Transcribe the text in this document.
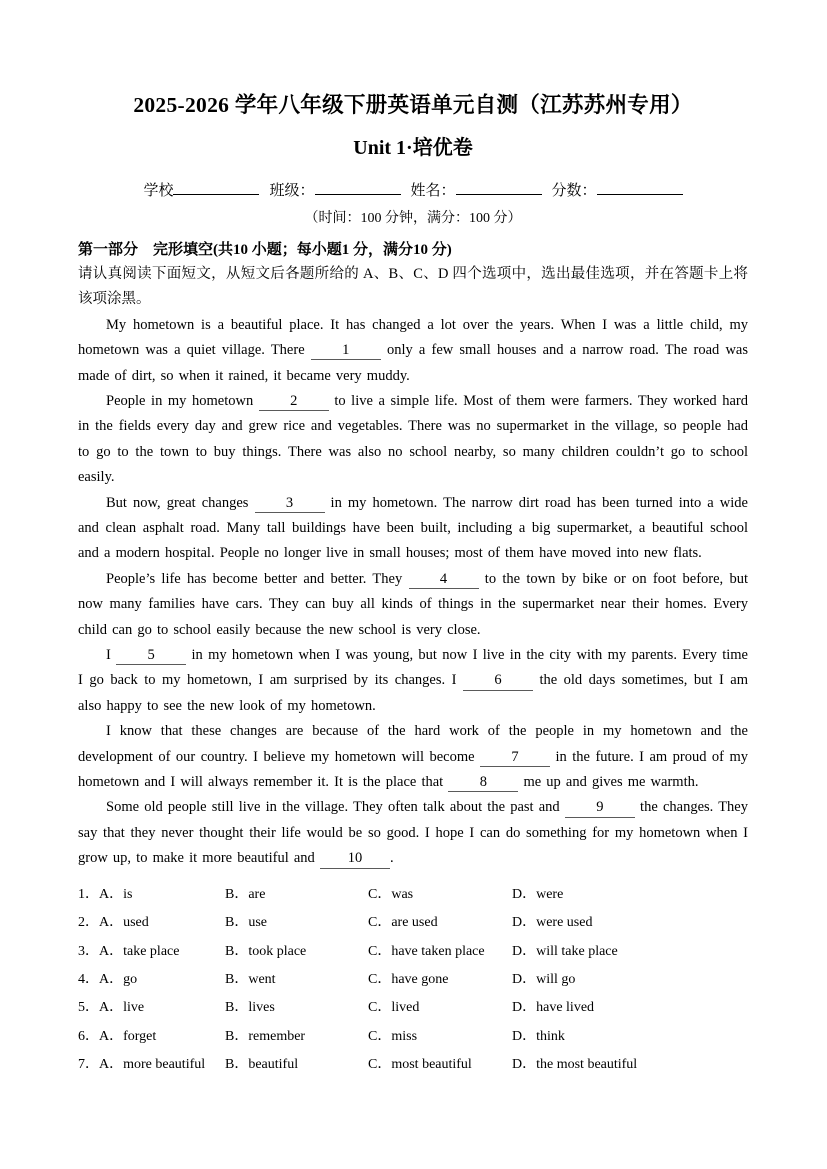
2025-2026 学年八年级下册英语单元自测（江苏苏州专用）
Unit 1·培优卷
学校	班级：	姓名：	分数：
（时间：100 分钟，满分：100 分）
第一部分　完形填空(共10 小题；每小题1 分，满分10 分)
请认真阅读下面短文，从短文后各题所给的 A、B、C、D 四个选项中，选出最佳选项，并在答题卡上将该项涂黑。

My hometown is a beautiful place. It has changed a lot over the years. When I was a little child, my hometown was a quiet village. There 1 only a few small houses and a narrow road. The road was made of dirt, so when it rained, it became very muddy.

People in my hometown 2 to live a simple life. Most of them were farmers. They worked hard in the fields every day and grew rice and vegetables. There was no supermarket in the village, so people had to go to the town to buy things. There was also no school nearby, so many children couldn’t go to school easily.

But now, great changes 3 in my hometown. The narrow dirt road has been turned into a wide and clean asphalt road. Many tall buildings have been built, including a big supermarket, a beautiful school and a modern hospital. People no longer live in small houses; most of them have moved into new flats.

People’s life has become better and better. They 4 to the town by bike or on foot before, but now many families have cars. They can buy all kinds of things in the supermarket near their homes. Every child can go to school easily because the new school is very close.

I 5 in my hometown when I was young, but now I live in the city with my parents. Every time I go back to my hometown, I am surprised by its changes. I 6 the old days sometimes, but I am also happy to see the new look of my hometown.

I know that these changes are because of the hard work of the people in my hometown and the development of our country. I believe my hometown will become 7 in the future. I am proud of my hometown and I will always remember it. It is the place that 8 me up and gives me warmth.

Some old people still live in the village. They often talk about the past and 9 the changes. They say that they never thought their life would be so good. I hope I can do something for my hometown when I grow up, to make it more beautiful and 10 .

1．A．is	B．are	C．was	D．were
2．A．used	B．use	C．are used	D．were used
3．A．take place	B．took place	C．have taken place	D．will take place
4．A．go	B．went	C．have gone	D．will go
5．A．live	B．lives	C．lived	D．have lived
6．A．forget	B．remember	C．miss	D．think
7．A．more beautiful	B．beautiful	C．most beautiful	D．the most beautiful
